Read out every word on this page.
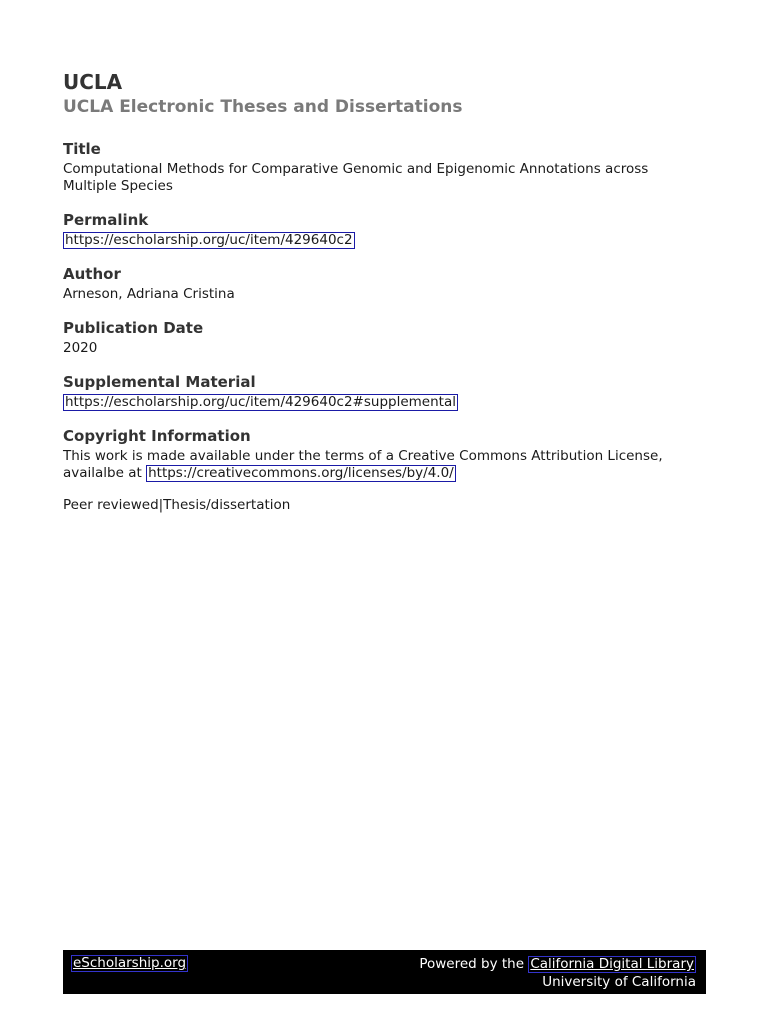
UCLA
UCLA Electronic Theses and Dissertations
Title
Computational Methods for Comparative Genomic and Epigenomic Annotations across
Multiple Species
Permalink
https://escholarship.org/uc/item/429640c2
Author
Arneson, Adriana Cristina
Publication Date
2020
Supplemental Material
https://escholarship.org/uc/item/429640c2#supplemental
Copyright Information
This work is made available under the terms of a Creative Commons Attribution License,
availalbe at https://creativecommons.org/licenses/by/4.0/
Peer reviewed|Thesis/dissertation
eScholarship.org	Powered by the California Digital Library
University of California
